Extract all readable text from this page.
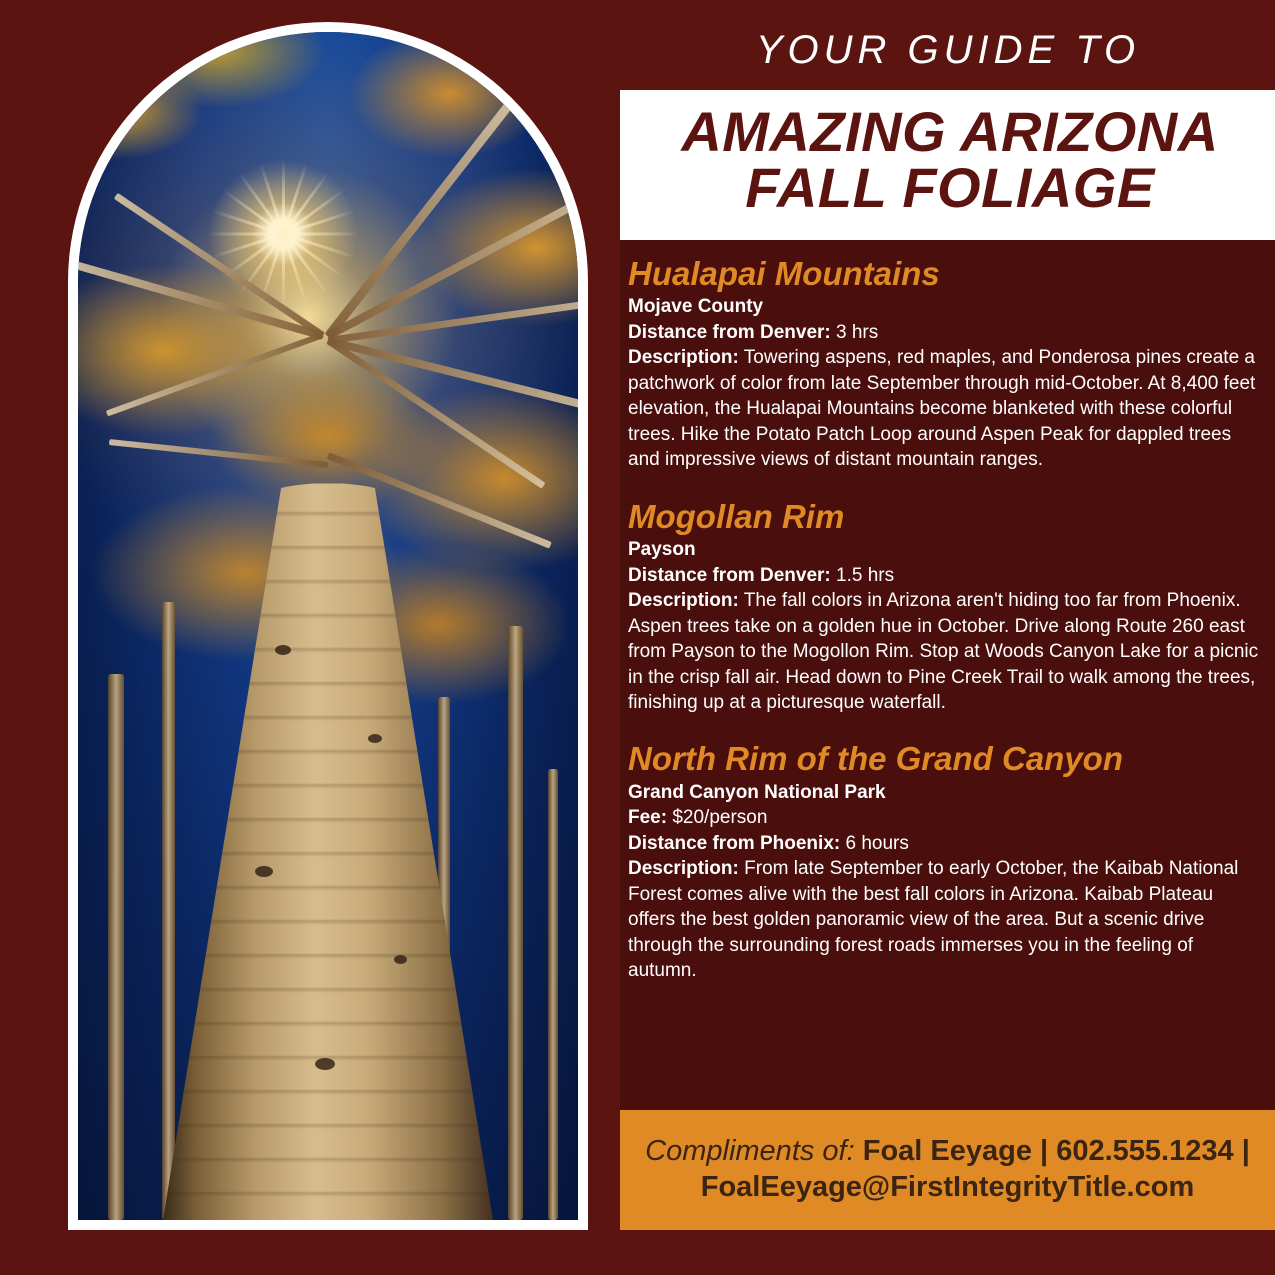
YOUR GUIDE TO
AMAZING ARIZONA
FALL FOLIAGE
Hualapai Mountains
Mojave County
Distance from Denver: 3 hrs
Description: Towering aspens, red maples, and Ponderosa pines create a patchwork of color from late September through mid-October. At 8,400 feet elevation, the Hualapai Mountains become blanketed with these colorful trees. Hike the Potato Patch Loop around Aspen Peak for dappled trees and impressive views of distant mountain ranges.
Mogollan Rim
Payson
Distance from Denver: 1.5 hrs
Description: The fall colors in Arizona aren't hiding too far from Phoenix. Aspen trees take on a golden hue in October. Drive along Route 260 east from Payson to the Mogollon Rim. Stop at Woods Canyon Lake for a picnic in the crisp fall air. Head down to Pine Creek Trail to walk among the trees, finishing up at a picturesque waterfall.
North Rim of the Grand Canyon
Grand Canyon National Park
Fee: $20/person
Distance from Phoenix: 6 hours
Description: From late September to early October, the Kaibab National Forest comes alive with the best fall colors in Arizona. Kaibab Plateau offers the best golden panoramic view of the area. But a scenic drive through the surrounding forest roads immerses you in the feeling of autumn.
Compliments of: Foal Eeyage | 602.555.1234 |
FoalEeyage@FirstIntegrityTitle.com
